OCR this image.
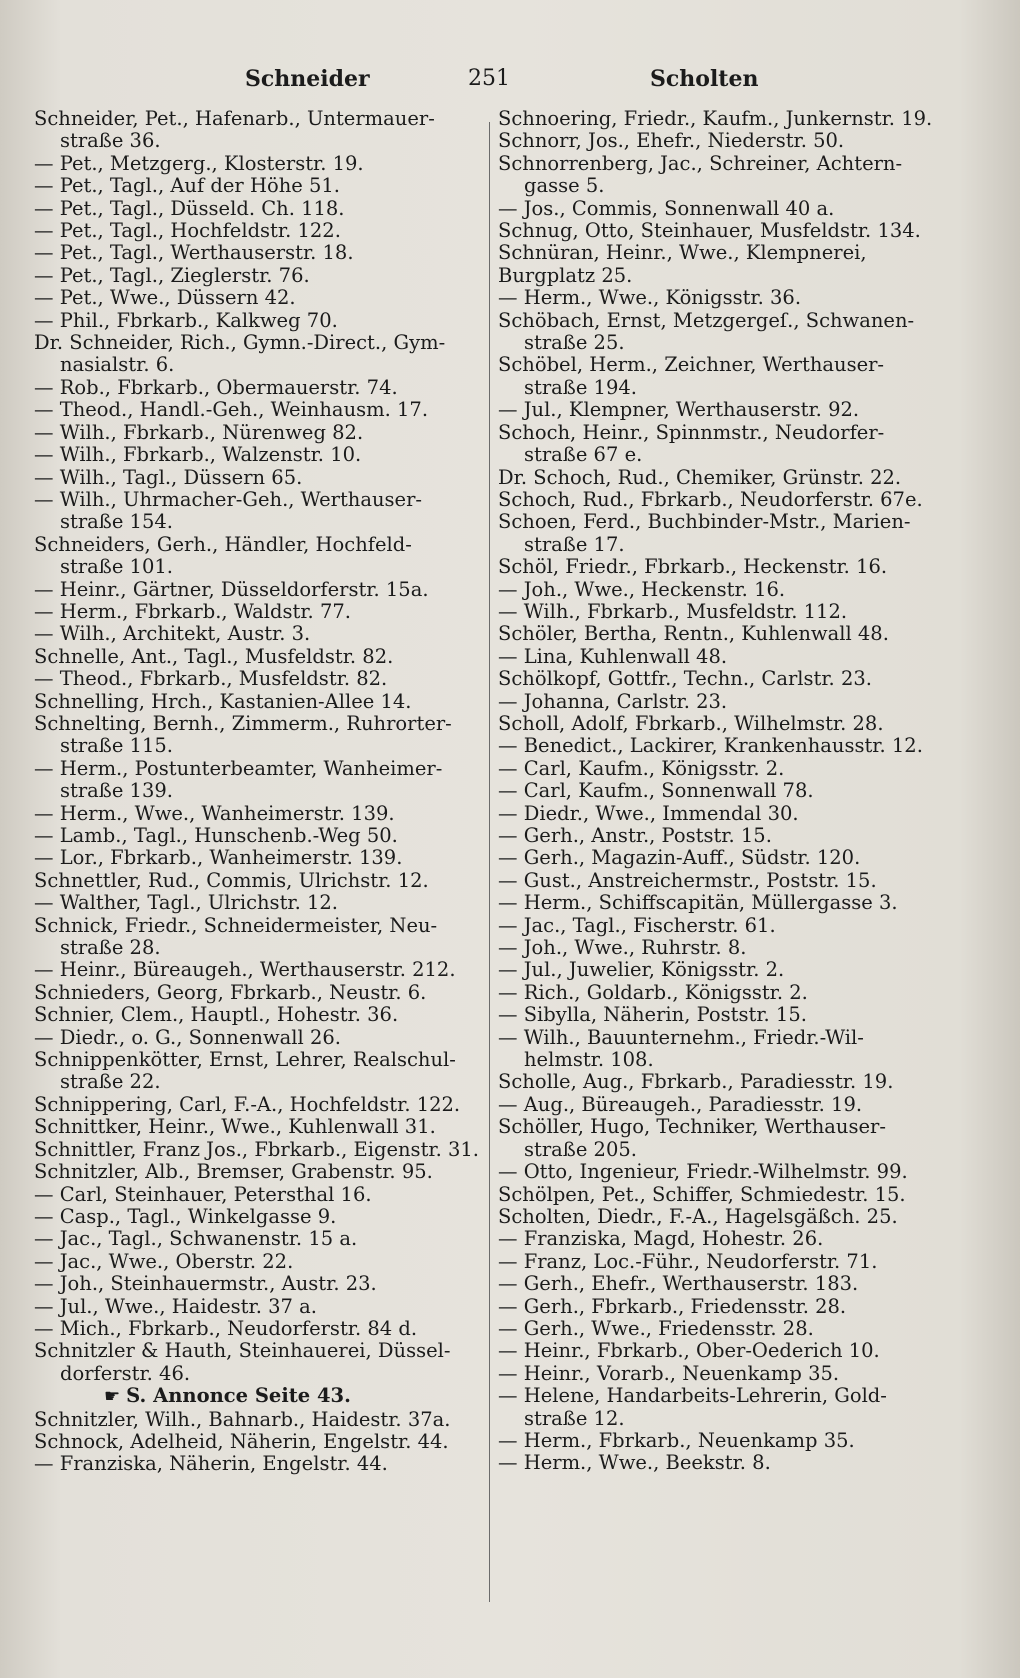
Schneider	251	Scholten
Schneider, Pet., Hafenarb., Untermauer-
straße 36.
— Pet., Metzgerg., Klosterstr. 19.
— Pet., Tagl., Auf der Höhe 51.
— Pet., Tagl., Düsseld. Ch. 118.
— Pet., Tagl., Hochfeldstr. 122.
— Pet., Tagl., Werthauserstr. 18.
— Pet., Tagl., Zieglerstr. 76.
— Pet., Wwe., Düssern 42.
— Phil., Fbrkarb., Kalkweg 70.
Dr. Schneider, Rich., Gymn.-Direct., Gym-
nasialstr. 6.
— Rob., Fbrkarb., Obermauerstr. 74.
— Theod., Handl.-Geh., Weinhausm. 17.
— Wilh., Fbrkarb., Nürenweg 82.
— Wilh., Fbrkarb., Walzenstr. 10.
— Wilh., Tagl., Düssern 65.
— Wilh., Uhrmacher-Geh., Werthauser-
straße 154.
Schneiders, Gerh., Händler, Hochfeld-
straße 101.
— Heinr., Gärtner, Düsseldorferstr. 15a.
— Herm., Fbrkarb., Waldstr. 77.
— Wilh., Architekt, Austr. 3.
Schnelle, Ant., Tagl., Musfeldstr. 82.
— Theod., Fbrkarb., Musfeldstr. 82.
Schnelling, Hrch., Kastanien-Allee 14.
Schnelting, Bernh., Zimmerm., Ruhrorter-
straße 115.
— Herm., Postunterbeamter, Wanheimer-
straße 139.
— Herm., Wwe., Wanheimerstr. 139.
— Lamb., Tagl., Hunschenb.-Weg 50.
— Lor., Fbrkarb., Wanheimerstr. 139.
Schnettler, Rud., Commis, Ulrichstr. 12.
— Walther, Tagl., Ulrichstr. 12.
Schnick, Friedr., Schneidermeister, Neu-
straße 28.
— Heinr., Büreaugeh., Werthauserstr. 212.
Schnieders, Georg, Fbrkarb., Neustr. 6.
Schnier, Clem., Hauptl., Hohestr. 36.
— Diedr., o. G., Sonnenwall 26.
Schnippenkötter, Ernst, Lehrer, Realschul-
straße 22.
Schnippering, Carl, F.-A., Hochfeldstr. 122.
Schnittker, Heinr., Wwe., Kuhlenwall 31.
Schnittler, Franz Jos., Fbrkarb., Eigenstr. 31.
Schnitzler, Alb., Bremser, Grabenstr. 95.
— Carl, Steinhauer, Petersthal 16.
— Casp., Tagl., Winkelgasse 9.
— Jac., Tagl., Schwanenstr. 15 a.
— Jac., Wwe., Oberstr. 22.
— Joh., Steinhauermstr., Austr. 23.
— Jul., Wwe., Haidestr. 37 a.
— Mich., Fbrkarb., Neudorferstr. 84 d.
Schnitzler & Hauth, Steinhauerei, Düssel-
dorferstr. 46.
☛ S. Annonce Seite 43.
Schnitzler, Wilh., Bahnarb., Haidestr. 37a.
Schnock, Adelheid, Näherin, Engelstr. 44.
— Franziska, Näherin, Engelstr. 44.
Schnoering, Friedr., Kaufm., Junkernstr. 19.
Schnorr, Jos., Ehefr., Niederstr. 50.
Schnorrenberg, Jac., Schreiner, Achtern-
gasse 5.
— Jos., Commis, Sonnenwall 40 a.
Schnug, Otto, Steinhauer, Musfeldstr. 134.
Schnüran, Heinr., Wwe., Klempnerei,
Burgplatz 25.
— Herm., Wwe., Königsstr. 36.
Schöbach, Ernst, Metzgergeſ., Schwanen-
straße 25.
Schöbel, Herm., Zeichner, Werthauser-
straße 194.
— Jul., Klempner, Werthauserstr. 92.
Schoch, Heinr., Spinnmstr., Neudorfer-
straße 67 e.
Dr. Schoch, Rud., Chemiker, Grünstr. 22.
Schoch, Rud., Fbrkarb., Neudorferstr. 67e.
Schoen, Ferd., Buchbinder-Mstr., Marien-
straße 17.
Schöl, Friedr., Fbrkarb., Heckenstr. 16.
— Joh., Wwe., Heckenstr. 16.
— Wilh., Fbrkarb., Musfeldstr. 112.
Schöler, Bertha, Rentn., Kuhlenwall 48.
— Lina, Kuhlenwall 48.
Schölkopf, Gottfr., Techn., Carlstr. 23.
— Johanna, Carlstr. 23.
Scholl, Adolf, Fbrkarb., Wilhelmstr. 28.
— Benedict., Lackirer, Krankenhausstr. 12.
— Carl, Kaufm., Königsstr. 2.
— Carl, Kaufm., Sonnenwall 78.
— Diedr., Wwe., Immendal 30.
— Gerh., Anstr., Poststr. 15.
— Gerh., Magazin-Auff., Südstr. 120.
— Gust., Anstreichermstr., Poststr. 15.
— Herm., Schiffscapitän, Müllergasse 3.
— Jac., Tagl., Fischerstr. 61.
— Joh., Wwe., Ruhrstr. 8.
— Jul., Juwelier, Königsstr. 2.
— Rich., Goldarb., Königsstr. 2.
— Sibylla, Näherin, Poststr. 15.
— Wilh., Bauunternehm., Friedr.-Wil-
helmstr. 108.
Scholle, Aug., Fbrkarb., Paradiesstr. 19.
— Aug., Büreaugeh., Paradiesstr. 19.
Schöller, Hugo, Techniker, Werthauser-
straße 205.
— Otto, Ingenieur, Friedr.-Wilhelmstr. 99.
Schölpen, Pet., Schiffer, Schmiedestr. 15.
Scholten, Diedr., F.-A., Hagelsgäßch. 25.
— Franziska, Magd, Hohestr. 26.
— Franz, Loc.-Führ., Neudorferstr. 71.
— Gerh., Ehefr., Werthauserstr. 183.
— Gerh., Fbrkarb., Friedensstr. 28.
— Gerh., Wwe., Friedensstr. 28.
— Heinr., Fbrkarb., Ober-Oederich 10.
— Heinr., Vorarb., Neuenkamp 35.
— Helene, Handarbeits-Lehrerin, Gold-
straße 12.
— Herm., Fbrkarb., Neuenkamp 35.
— Herm., Wwe., Beekstr. 8.
